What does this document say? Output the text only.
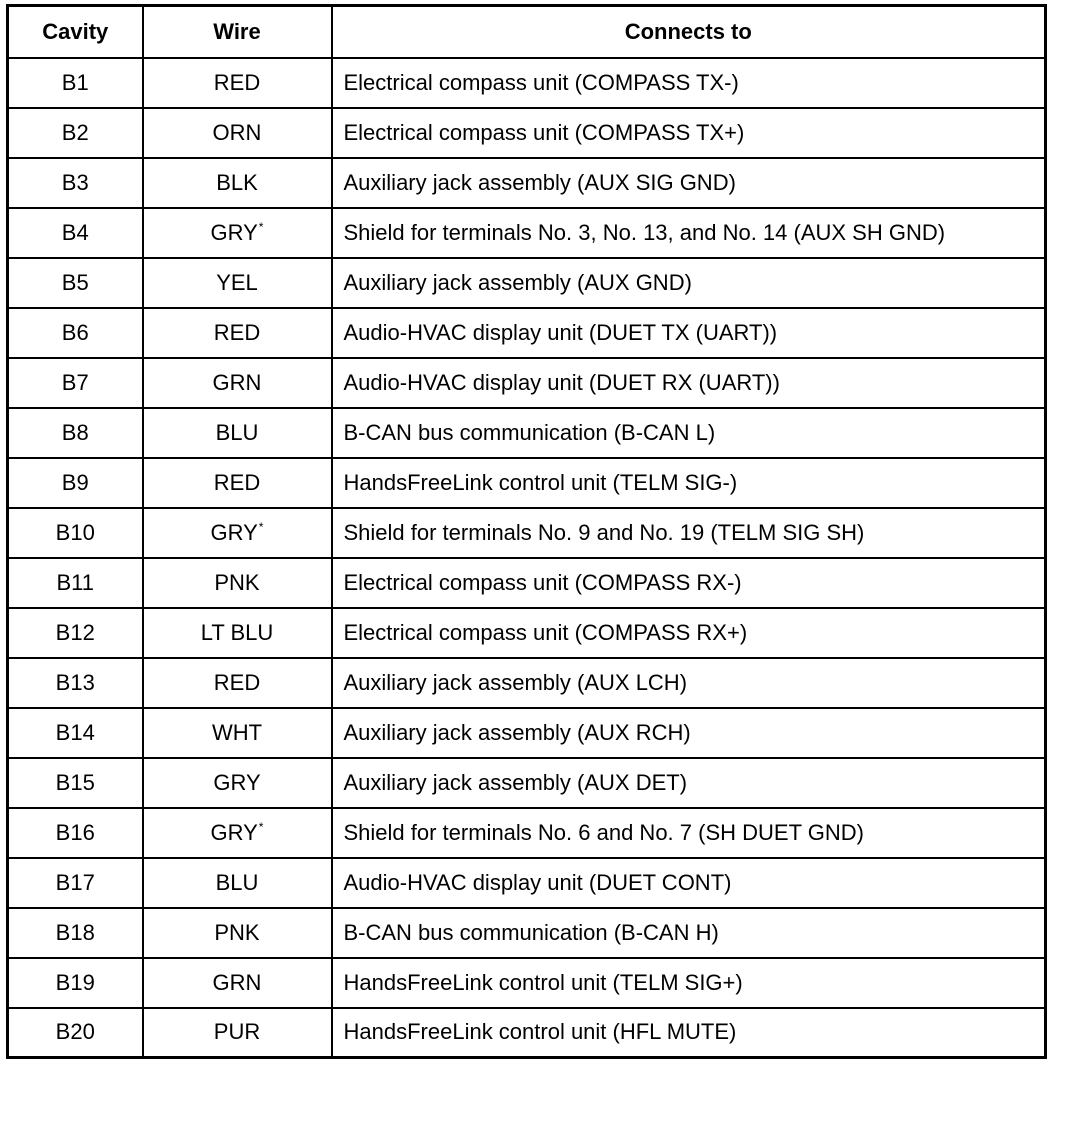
Cavity	Wire	Connects to
B1	RED	Electrical compass unit (COMPASS TX-)
B2	ORN	Electrical compass unit (COMPASS TX+)
B3	BLK	Auxiliary jack assembly (AUX SIG GND)
B4	GRY*	Shield for terminals No. 3, No. 13, and No. 14 (AUX SH GND)
B5	YEL	Auxiliary jack assembly (AUX GND)
B6	RED	Audio-HVAC display unit (DUET TX (UART))
B7	GRN	Audio-HVAC display unit (DUET RX (UART))
B8	BLU	B-CAN bus communication (B-CAN L)
B9	RED	HandsFreeLink control unit (TELM SIG-)
B10	GRY*	Shield for terminals No. 9 and No. 19 (TELM SIG SH)
B11	PNK	Electrical compass unit (COMPASS RX-)
B12	LT BLU	Electrical compass unit (COMPASS RX+)
B13	RED	Auxiliary jack assembly (AUX LCH)
B14	WHT	Auxiliary jack assembly (AUX RCH)
B15	GRY	Auxiliary jack assembly (AUX DET)
B16	GRY*	Shield for terminals No. 6 and No. 7 (SH DUET GND)
B17	BLU	Audio-HVAC display unit (DUET CONT)
B18	PNK	B-CAN bus communication (B-CAN H)
B19	GRN	HandsFreeLink control unit (TELM SIG+)
B20	PUR	HandsFreeLink control unit (HFL MUTE)
